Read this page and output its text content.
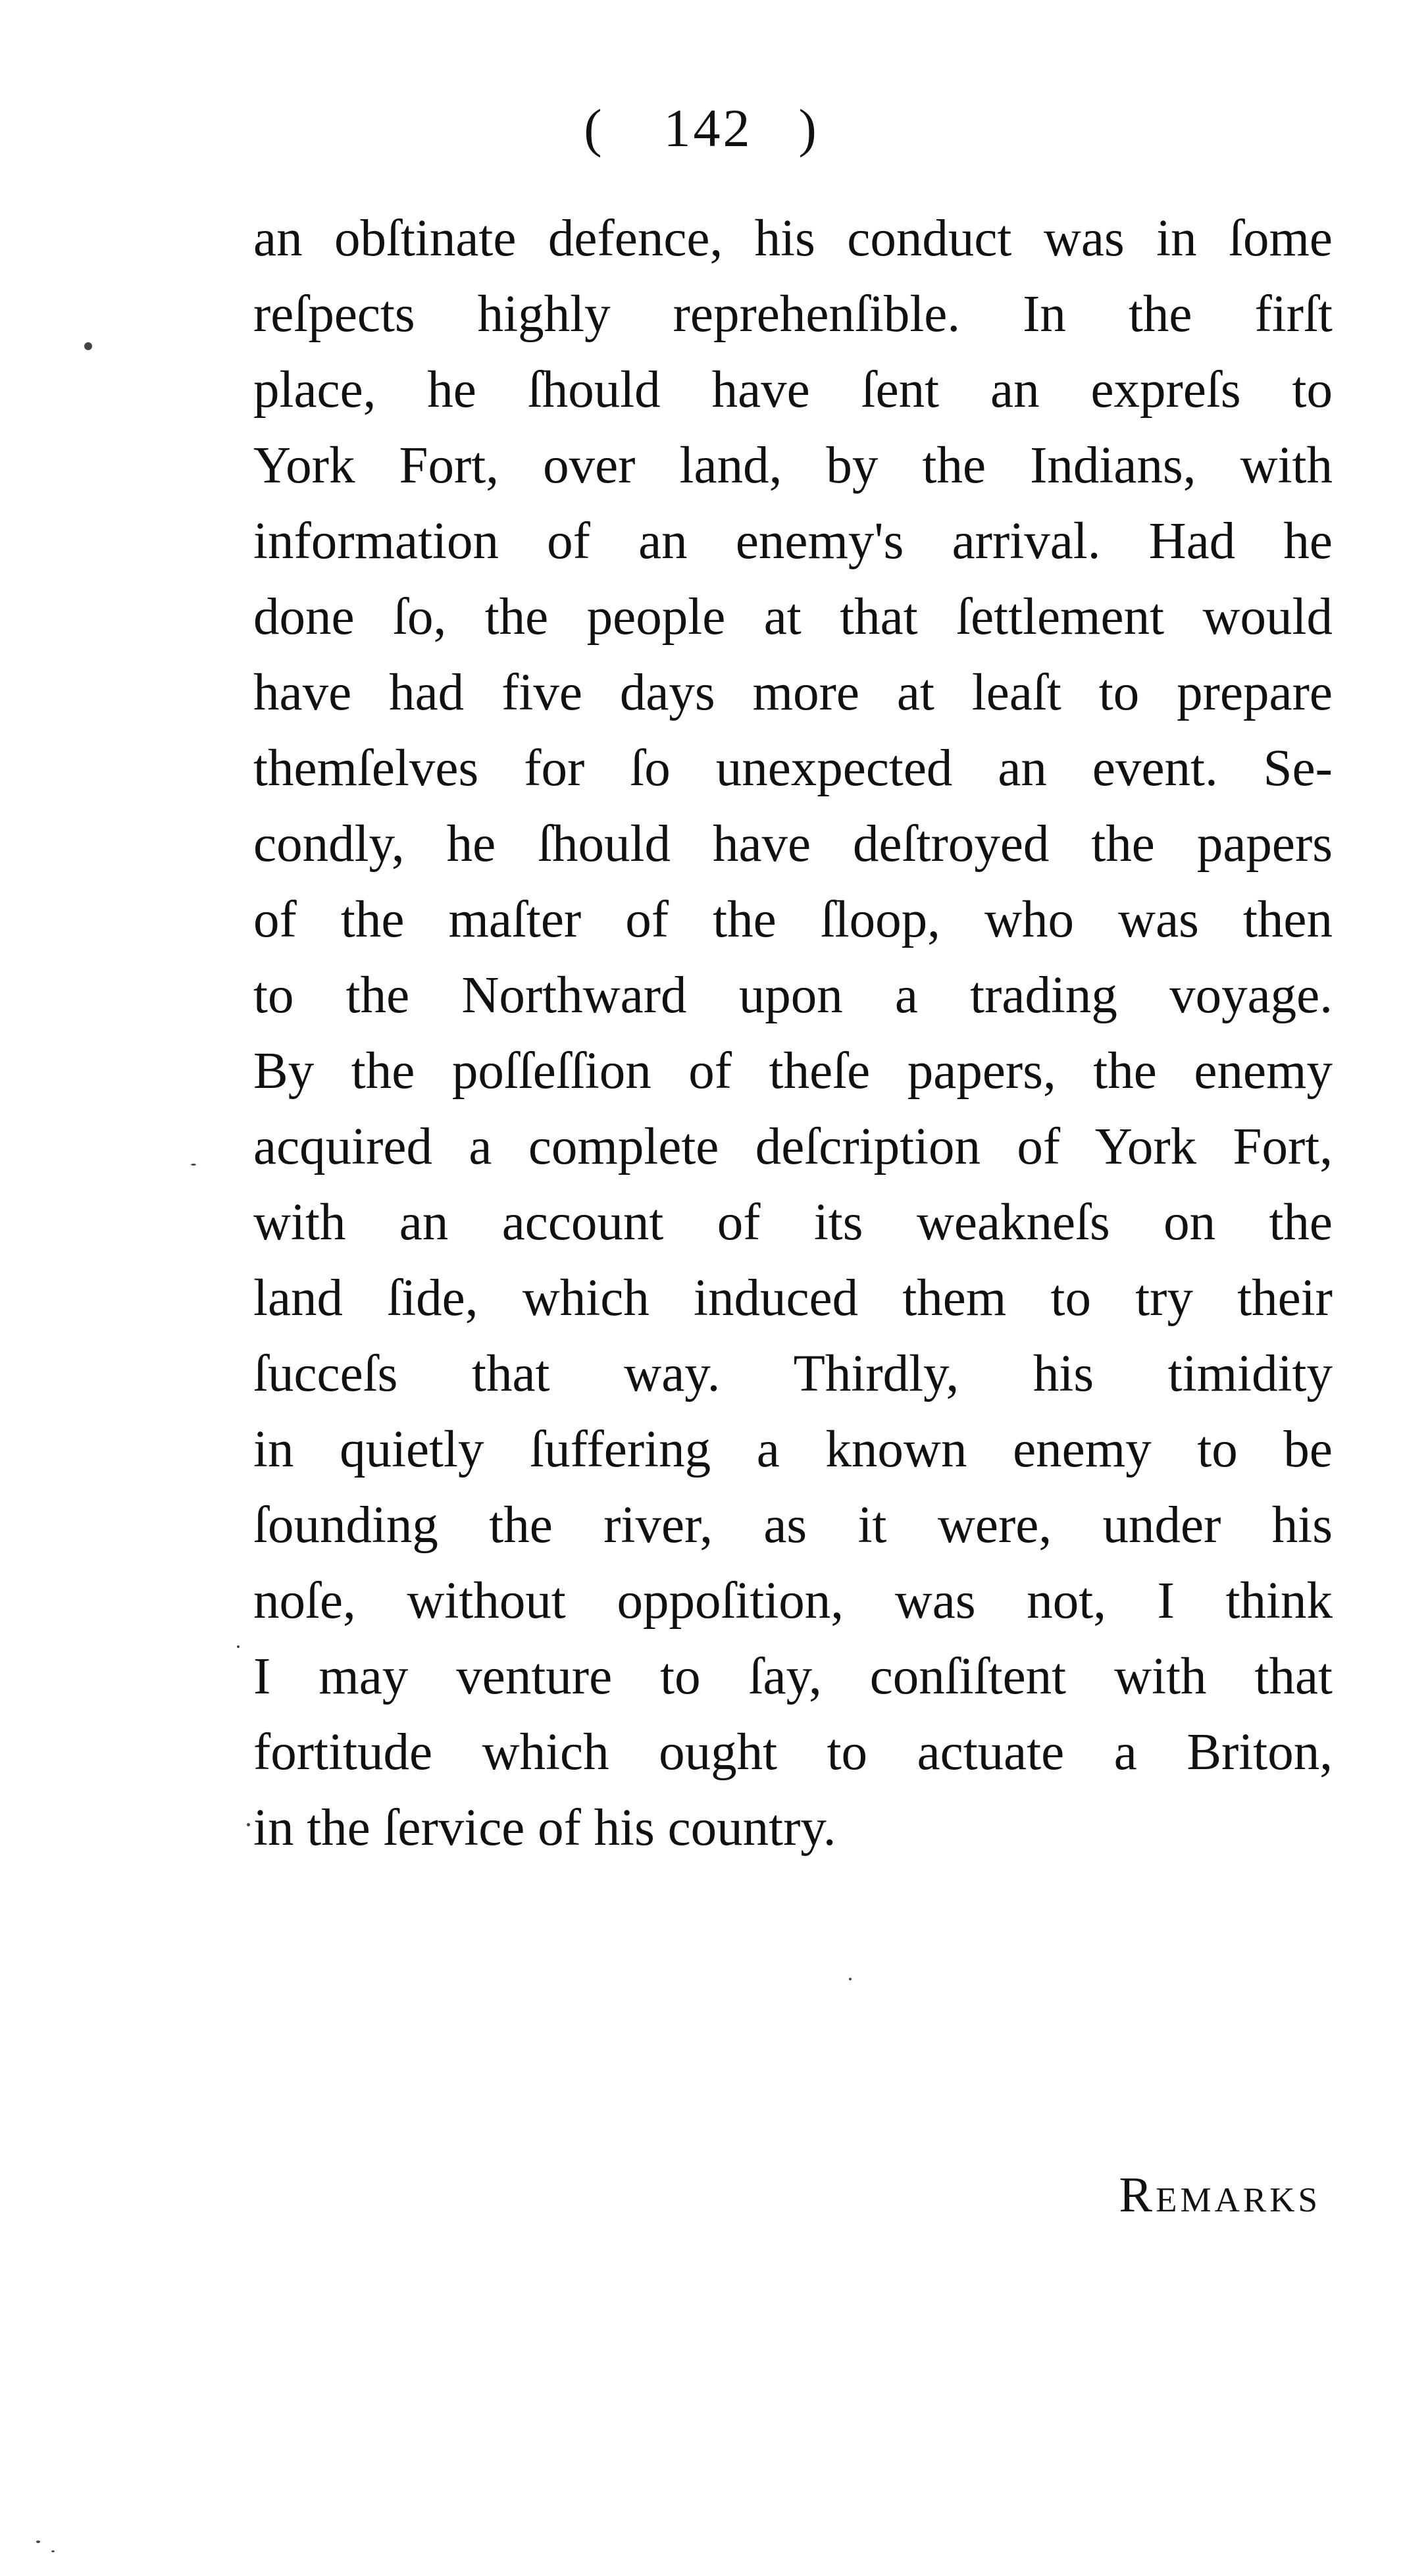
( 142 )
an obſtinate defence, his conduct was in ſome
reſpects highly reprehenſible. In the firſt
place, he ſhould have ſent an expreſs to
York Fort, over land, by the Indians, with
information of an enemy's arrival. Had he
done ſo, the people at that ſettlement would
have had five days more at leaſt to prepare
themſelves for ſo unexpected an event. Se-
condly, he ſhould have deſtroyed the papers
of the maſter of the ſloop, who was then
to the Northward upon a trading voyage.
By the poſſeſſion of theſe papers, the enemy
acquired a complete deſcription of York Fort,
with an account of its weakneſs on the
land ſide, which induced them to try their
ſucceſs that way. Thirdly, his timidity
in quietly ſuffering a known enemy to be
ſounding the river, as it were, under his
noſe, without oppoſition, was not, I think
I may venture to ſay, conſiſtent with that
fortitude which ought to actuate a Briton,
in the ſervice of his country.
Remarks
